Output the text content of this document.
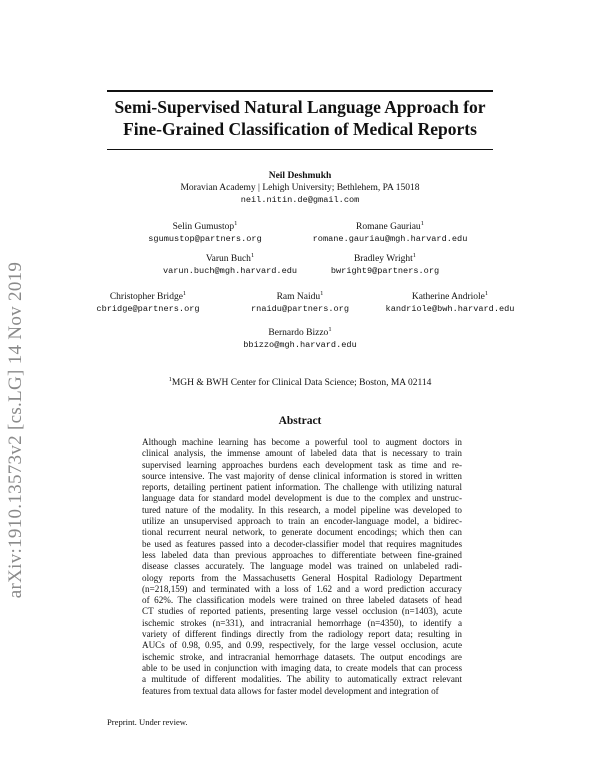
arXiv:1910.13573v2 [cs.LG] 14 Nov 2019
Semi-Supervised Natural Language Approach for
Fine-Grained Classification of Medical Reports
Neil Deshmukh
Moravian Academy | Lehigh University; Bethlehem, PA 15018
neil.nitin.de@gmail.com
Selin Gumustop$^1$
sgumustop@partners.org
Romane Gauriau$^1$
romane.gauriau@mgh.harvard.edu
Varun Buch$^1$
varun.buch@mgh.harvard.edu
Bradley Wright$^1$
bwright9@partners.org
Christopher Bridge$^1$
cbridge@partners.org
Ram Naidu$^1$
rnaidu@partners.org
Katherine Andriole$^1$
kandriole@bwh.harvard.edu
Bernardo Bizzo$^1$
bbizzo@mgh.harvard.edu
$^1$MGH & BWH Center for Clinical Data Science; Boston, MA 02114
Abstract
Although machine learning has become a powerful tool to augment doctors in
clinical analysis, the immense amount of labeled data that is necessary to train
supervised learning approaches burdens each development task as time and re-
source intensive. The vast majority of dense clinical information is stored in written
reports, detailing pertinent patient information. The challenge with utilizing natural
language data for standard model development is due to the complex and unstruc-
tured nature of the modality. In this research, a model pipeline was developed to
utilize an unsupervised approach to train an encoder-language model, a bidirec-
tional recurrent neural network, to generate document encodings; which then can
be used as features passed into a decoder-classifier model that requires magnitudes
less labeled data than previous approaches to differentiate between fine-grained
disease classes accurately. The language model was trained on unlabeled radi-
ology reports from the Massachusetts General Hospital Radiology Department
(n=218,159) and terminated with a loss of 1.62 and a word prediction accuracy
of 62%. The classification models were trained on three labeled datasets of head
CT studies of reported patients, presenting large vessel occlusion (n=1403), acute
ischemic strokes (n=331), and intracranial hemorrhage (n=4350), to identify a
variety of different findings directly from the radiology report data; resulting in
AUCs of 0.98, 0.95, and 0.99, respectively, for the large vessel occlusion, acute
ischemic stroke, and intracranial hemorrhage datasets. The output encodings are
able to be used in conjunction with imaging data, to create models that can process
a multitude of different modalities. The ability to automatically extract relevant
features from textual data allows for faster model development and integration of
Preprint. Under review.
